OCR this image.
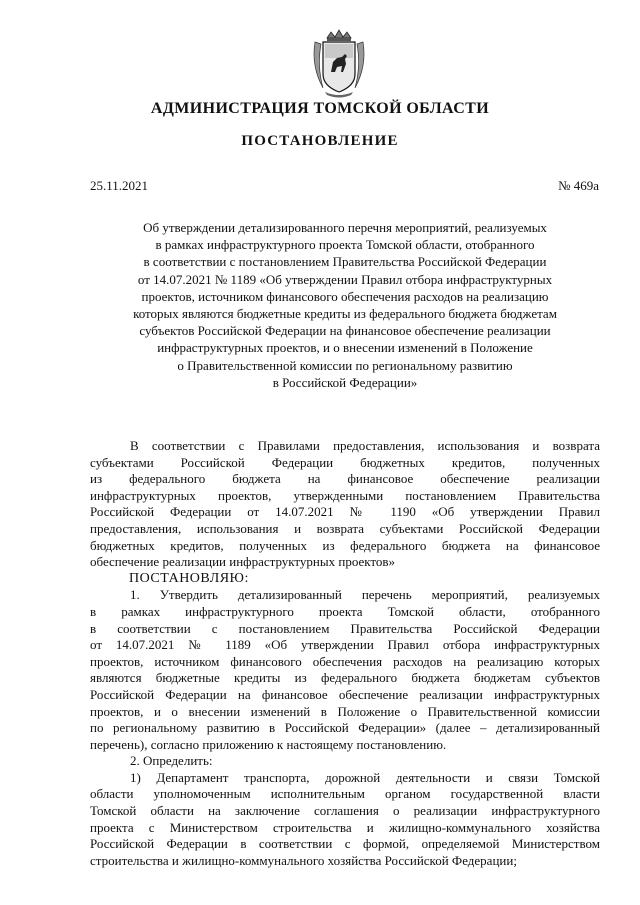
АДМИНИСТРАЦИЯ ТОМСКОЙ ОБЛАСТИ
ПОСТАНОВЛЕНИЕ
25.11.2021	№ 469а
Об утверждении детализированного перечня мероприятий, реализуемых
в рамках инфраструктурного проекта Томской области, отобранного
в соответствии с постановлением Правительства Российской Федерации
от 14.07.2021 № 1189 «Об утверждении Правил отбора инфраструктурных
проектов, источником финансового обеспечения расходов на реализацию
которых являются бюджетные кредиты из федерального бюджета бюджетам
субъектов Российской Федерации на финансовое обеспечение реализации
инфраструктурных проектов, и о внесении изменений в Положение
о Правительственной комиссии по региональному развитию
в Российской Федерации»
В соответствии с Правилами предоставления, использования и возврата
субъектами Российской Федерации бюджетных кредитов, полученных
из федерального бюджета на финансовое обеспечение реализации
инфраструктурных проектов, утвержденными постановлением Правительства
Российской Федерации от 14.07.2021 № 1190 «Об утверждении Правил
предоставления, использования и возврата субъектами Российской Федерации
бюджетных кредитов, полученных из федерального бюджета на финансовое
обеспечение реализации инфраструктурных проектов»
ПОСТАНОВЛЯЮ:
1. Утвердить детализированный перечень мероприятий, реализуемых
в рамках инфраструктурного проекта Томской области, отобранного
в соответствии с постановлением Правительства Российской Федерации
от 14.07.2021 № 1189 «Об утверждении Правил отбора инфраструктурных
проектов, источником финансового обеспечения расходов на реализацию которых
являются бюджетные кредиты из федерального бюджета бюджетам субъектов
Российской Федерации на финансовое обеспечение реализации инфраструктурных
проектов, и о внесении изменений в Положение о Правительственной комиссии
по региональному развитию в Российской Федерации» (далее – детализированный
перечень), согласно приложению к настоящему постановлению.
2. Определить:
1) Департамент транспорта, дорожной деятельности и связи Томской
области уполномоченным исполнительным органом государственной власти
Томской области на заключение соглашения о реализации инфраструктурного
проекта с Министерством строительства и жилищно-коммунального хозяйства
Российской Федерации в соответствии с формой, определяемой Министерством
строительства и жилищно-коммунального хозяйства Российской Федерации;
